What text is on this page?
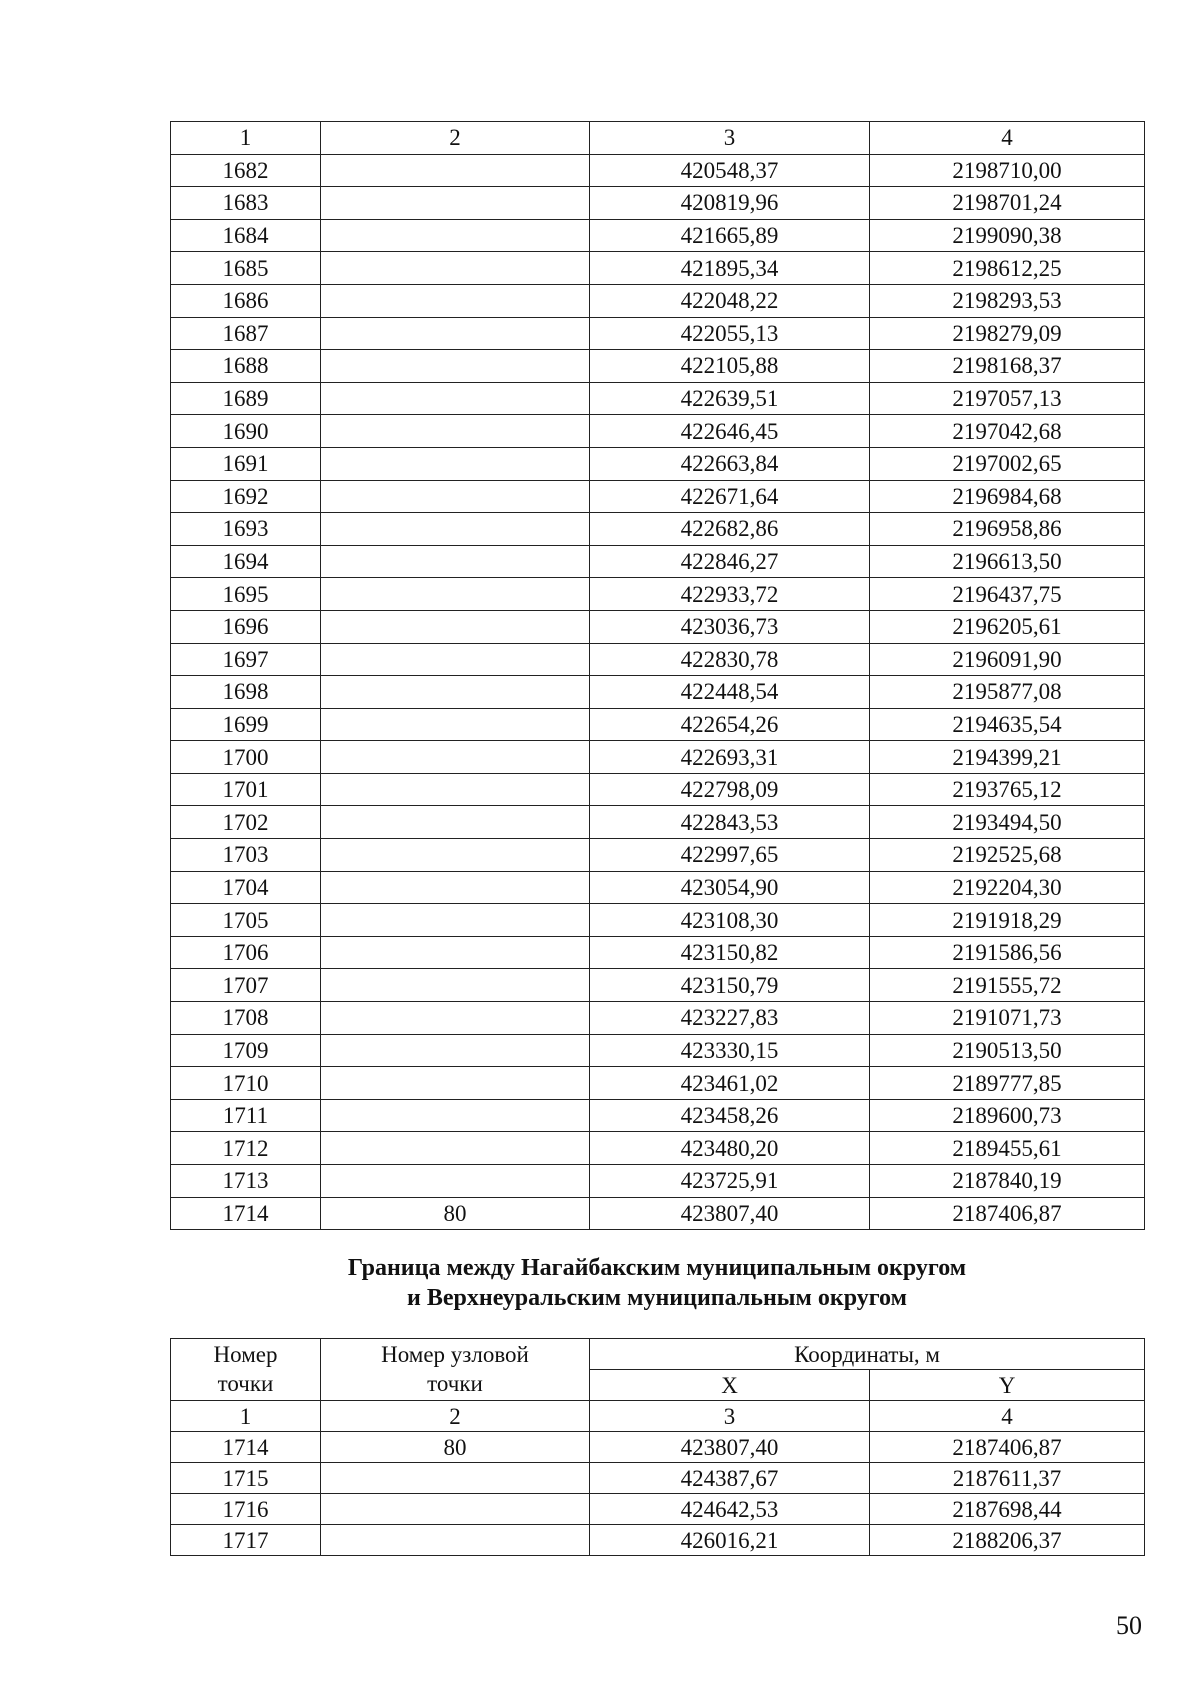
1	2	3	4
1682		420548,37	2198710,00
1683		420819,96	2198701,24
1684		421665,89	2199090,38
1685		421895,34	2198612,25
1686		422048,22	2198293,53
1687		422055,13	2198279,09
1688		422105,88	2198168,37
1689		422639,51	2197057,13
1690		422646,45	2197042,68
1691		422663,84	2197002,65
1692		422671,64	2196984,68
1693		422682,86	2196958,86
1694		422846,27	2196613,50
1695		422933,72	2196437,75
1696		423036,73	2196205,61
1697		422830,78	2196091,90
1698		422448,54	2195877,08
1699		422654,26	2194635,54
1700		422693,31	2194399,21
1701		422798,09	2193765,12
1702		422843,53	2193494,50
1703		422997,65	2192525,68
1704		423054,90	2192204,30
1705		423108,30	2191918,29
1706		423150,82	2191586,56
1707		423150,79	2191555,72
1708		423227,83	2191071,73
1709		423330,15	2190513,50
1710		423461,02	2189777,85
1711		423458,26	2189600,73
1712		423480,20	2189455,61
1713		423725,91	2187840,19
1714	80	423807,40	2187406,87
Граница между Нагайбакским муниципальным округом
и Верхнеуральским муниципальным округом
Номер точки	Номер узловой точки	Координаты, м	
		X	Y
1	2	3	4
1714	80	423807,40	2187406,87
1715		424387,67	2187611,37
1716		424642,53	2187698,44
1717		426016,21	2188206,37
50
